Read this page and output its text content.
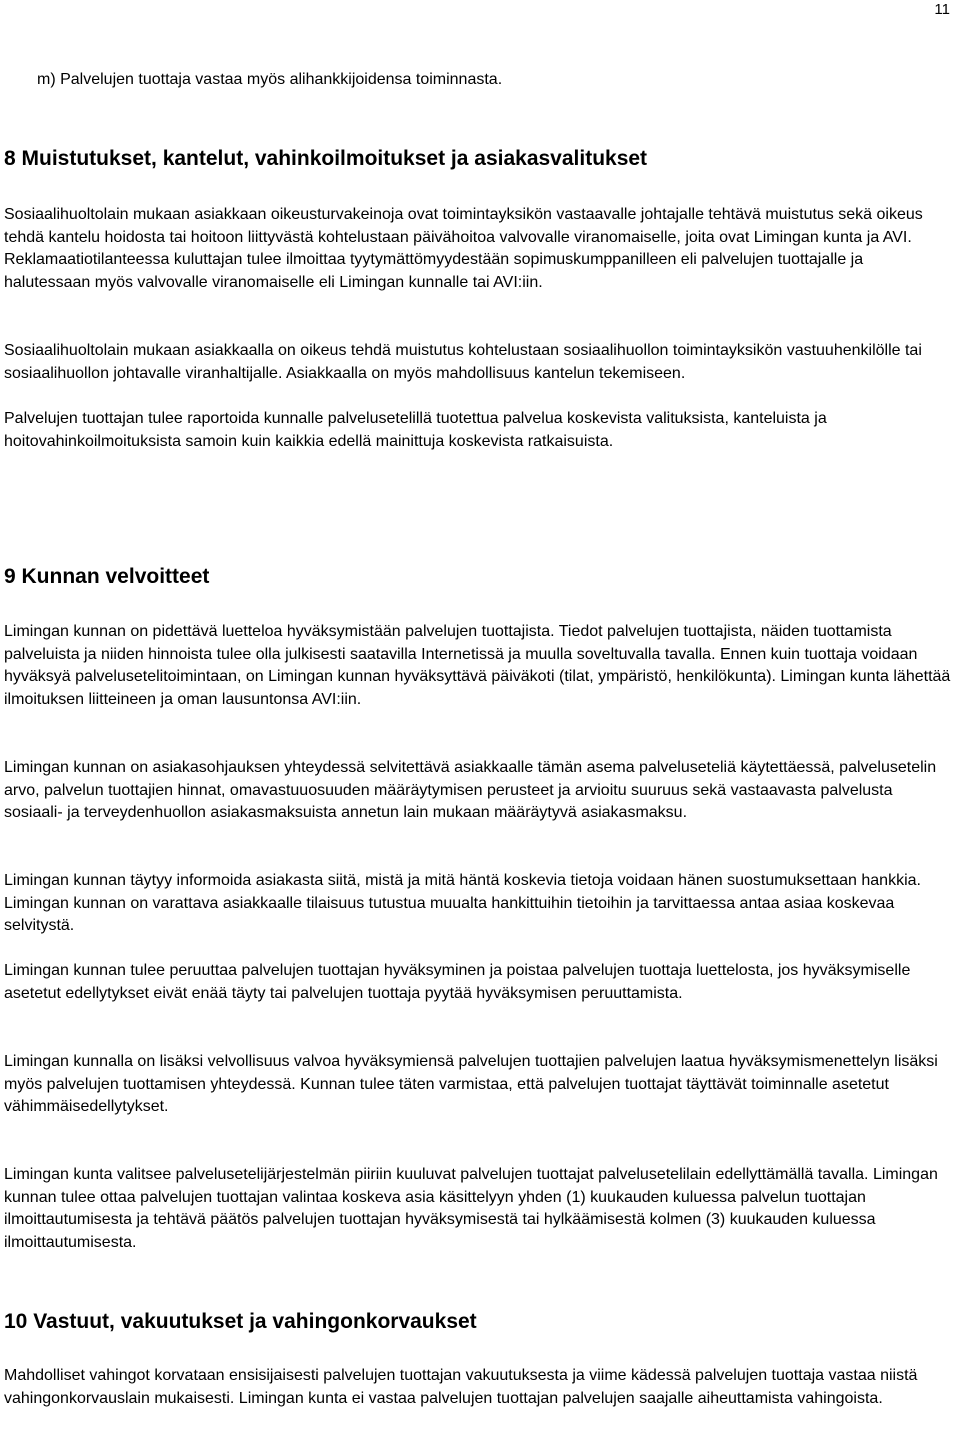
11

m) Palvelujen tuottaja vastaa myös alihankkijoidensa toiminnasta.

8 Muistutukset, kantelut, vahinkoilmoitukset ja asiakasvalitukset

Sosiaalihuoltolain mukaan asiakkaan oikeusturvakeinoja ovat toimintayksikön vastaavalle johtajalle tehtävä muistutus sekä oikeus tehdä kantelu hoidosta tai hoitoon liittyvästä kohtelustaan päivähoitoa valvovalle viranomaiselle, joita ovat Limingan kunta ja AVI. Reklamaatiotilanteessa kuluttajan tulee ilmoittaa tyytymättömyydestään sopimuskumppanilleen eli palvelujen tuottajalle ja halutessaan myös valvovalle viranomaiselle eli Limingan kunnalle tai AVI:iin.

Sosiaalihuoltolain mukaan asiakkaalla on oikeus tehdä muistutus kohtelustaan sosiaalihuollon toimintayksikön vastuuhenkilölle tai sosiaalihuollon johtavalle viranhaltijalle. Asiakkaalla on myös mahdollisuus kantelun tekemiseen.

Palvelujen tuottajan tulee raportoida kunnalle palvelusetelillä tuotettua palvelua koskevista valituksista, kanteluista ja hoitovahinkoilmoituksista samoin kuin kaikkia edellä mainittuja koskevista ratkaisuista.

9 Kunnan velvoitteet

Limingan kunnan on pidettävä luetteloa hyväksymistään palvelujen tuottajista. Tiedot palvelujen tuottajista, näiden tuottamista palveluista ja niiden hinnoista tulee olla julkisesti saatavilla Internetissä ja muulla soveltuvalla tavalla. Ennen kuin tuottaja voidaan hyväksyä palvelusetelitoimintaan, on Limingan kunnan hyväksyttävä päiväkoti (tilat, ympäristö, henkilökunta). Limingan kunta lähettää ilmoituksen liitteineen ja oman lausuntonsa AVI:iin.

Limingan kunnan on asiakasohjauksen yhteydessä selvitettävä asiakkaalle tämän asema palveluseteliä käytettäessä, palvelusetelin arvo, palvelun tuottajien hinnat, omavastuuosuuden määräytymisen perusteet ja arvioitu suuruus sekä vastaavasta palvelusta sosiaali- ja terveydenhuollon asiakasmaksuista annetun lain mukaan määräytyvä asiakasmaksu.

Limingan kunnan täytyy informoida asiakasta siitä, mistä ja mitä häntä koskevia tietoja voidaan hänen suostumuksettaan hankkia. Limingan kunnan on varattava asiakkaalle tilaisuus tutustua muualta hankittuihin tietoihin ja tarvittaessa antaa asiaa koskevaa selvitystä.

Limingan kunnan tulee peruuttaa palvelujen tuottajan hyväksyminen ja poistaa palvelujen tuottaja luettelosta, jos hyväksymiselle asetetut edellytykset eivät enää täyty tai palvelujen tuottaja pyytää hyväksymisen peruuttamista.

Limingan kunnalla on lisäksi velvollisuus valvoa hyväksymiensä palvelujen tuottajien palvelujen laatua hyväksymismenettelyn lisäksi myös palvelujen tuottamisen yhteydessä. Kunnan tulee täten varmistaa, että palvelujen tuottajat täyttävät toiminnalle asetetut vähimmäisedellytykset.

Limingan kunta valitsee palvelusetelijärjestelmän piiriin kuuluvat palvelujen tuottajat palvelusetelilain edellyttämällä tavalla. Limingan kunnan tulee ottaa palvelujen tuottajan valintaa koskeva asia käsittelyyn yhden (1) kuukauden kuluessa palvelun tuottajan ilmoittautumisesta ja tehtävä päätös palvelujen tuottajan hyväksymisestä tai hylkäämisestä kolmen (3) kuukauden kuluessa ilmoittautumisesta.

10 Vastuut, vakuutukset ja vahingonkorvaukset

Mahdolliset vahingot korvataan ensisijaisesti palvelujen tuottajan vakuutuksesta ja viime kädessä palvelujen tuottaja vastaa niistä vahingonkorvauslain mukaisesti. Limingan kunta ei vastaa palvelujen tuottajan palvelujen saajalle aiheuttamista vahingoista.
